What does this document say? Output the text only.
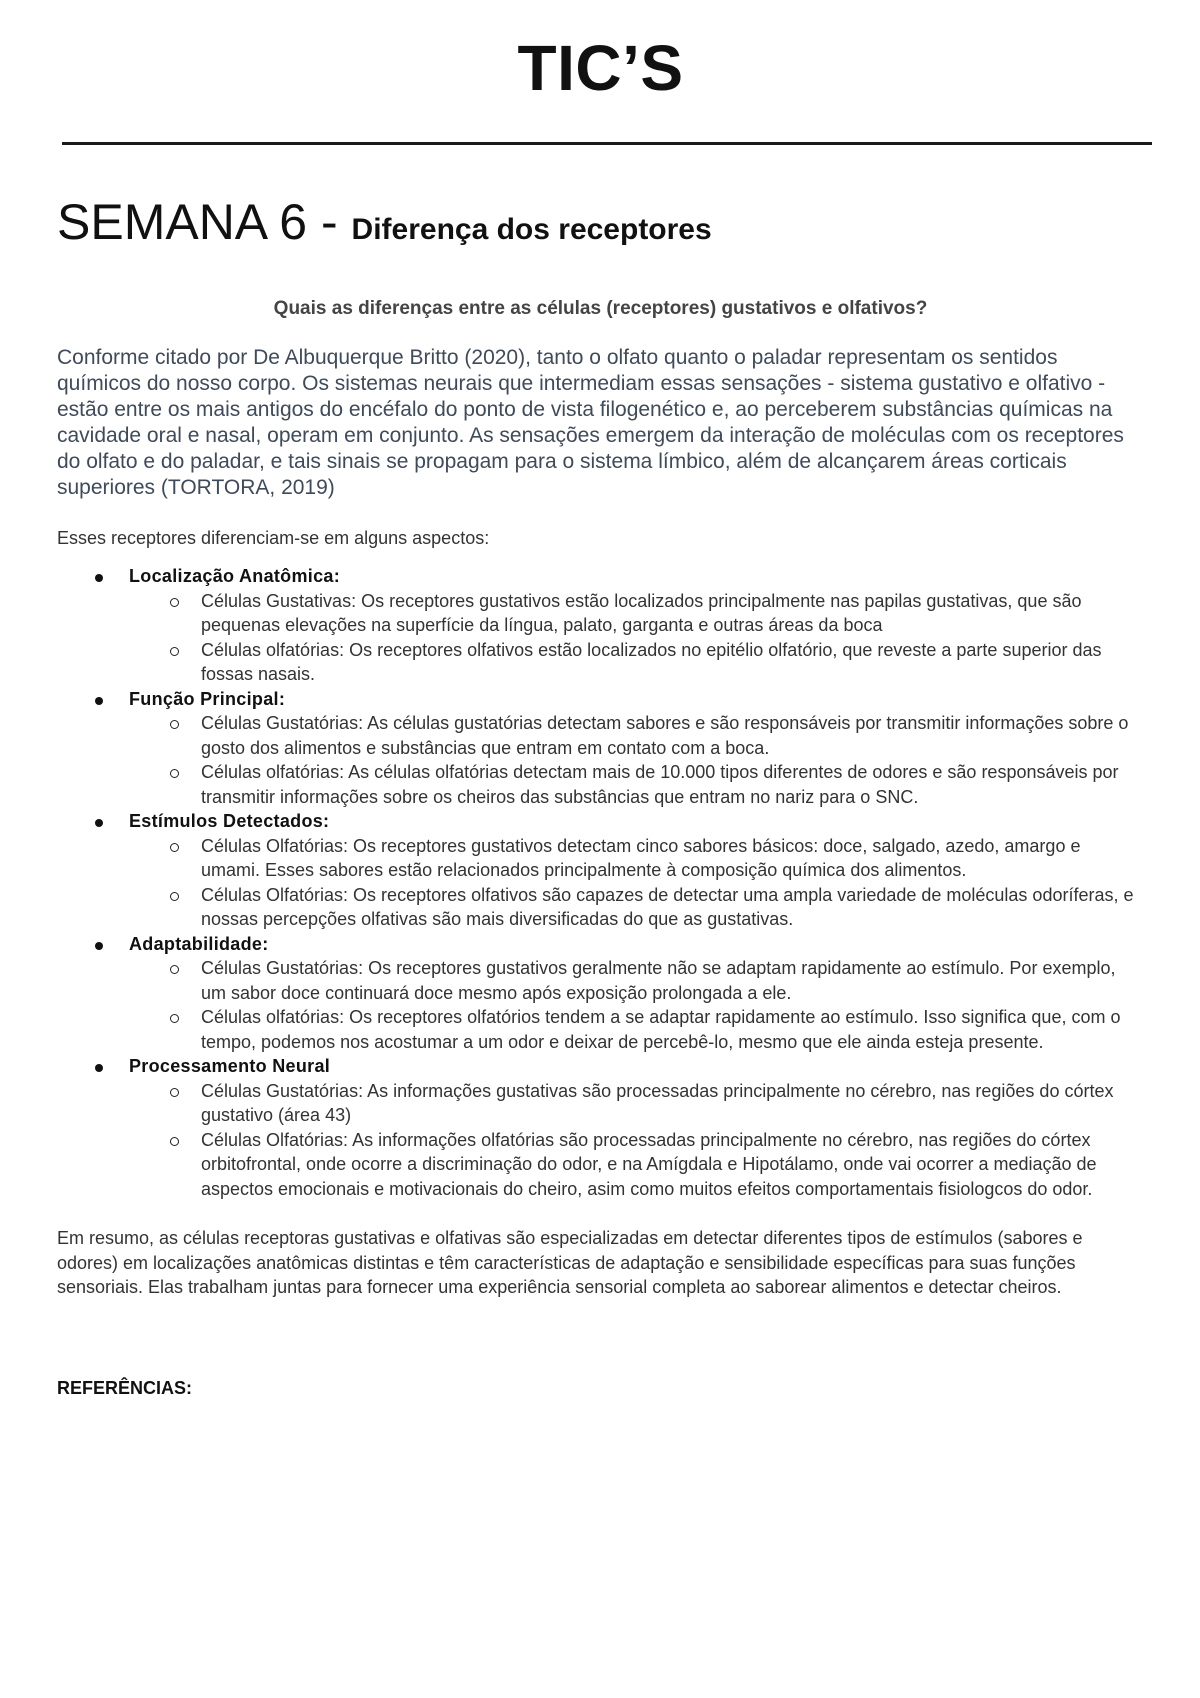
TIC’S
SEMANA 6 - Diferença dos receptores

Quais as diferenças entre as células (receptores) gustativos e olfativos?

Conforme citado por De Albuquerque Britto (2020), tanto o olfato quanto o paladar representam os sentidos químicos do nosso corpo. Os sistemas neurais que intermediam essas sensações - sistema gustativo e olfativo - estão entre os mais antigos do encéfalo do ponto de vista filogenético e, ao perceberem substâncias químicas na cavidade oral e nasal, operam em conjunto. As sensações emergem da interação de moléculas com os receptores do olfato e do paladar, e tais sinais se propagam para o sistema límbico, além de alcançarem áreas corticais superiores (TORTORA, 2019)

Esses receptores diferenciam-se em alguns aspectos:

Localização Anatômica:
Células Gustativas: Os receptores gustativos estão localizados principalmente nas papilas gustativas, que são pequenas elevações na superfície da língua, palato, garganta e outras áreas da boca
Células olfatórias: Os receptores olfativos estão localizados no epitélio olfatório, que reveste a parte superior das fossas nasais.
Função Principal:
Células Gustatórias: As células gustatórias detectam sabores e são responsáveis por transmitir informações sobre o gosto dos alimentos e substâncias que entram em contato com a boca.
Células olfatórias: As células olfatórias detectam mais de 10.000 tipos diferentes de odores e são responsáveis por transmitir informações sobre os cheiros das substâncias que entram no nariz para o SNC.
Estímulos Detectados:
Células Olfatórias: Os receptores gustativos detectam cinco sabores básicos: doce, salgado, azedo, amargo e umami. Esses sabores estão relacionados principalmente à composição química dos alimentos.
Células Olfatórias: Os receptores olfativos são capazes de detectar uma ampla variedade de moléculas odoríferas, e nossas percepções olfativas são mais diversificadas do que as gustativas.
Adaptabilidade:
Células Gustatórias: Os receptores gustativos geralmente não se adaptam rapidamente ao estímulo. Por exemplo, um sabor doce continuará doce mesmo após exposição prolongada a ele.
Células olfatórias: Os receptores olfatórios tendem a se adaptar rapidamente ao estímulo. Isso significa que, com o tempo, podemos nos acostumar a um odor e deixar de percebê-lo, mesmo que ele ainda esteja presente.
Processamento Neural
Células Gustatórias: As informações gustativas são processadas principalmente no cérebro, nas regiões do córtex gustativo (área 43)
Células Olfatórias: As informações olfatórias são processadas principalmente no cérebro, nas regiões do córtex orbitofrontal, onde ocorre a discriminação do odor, e na Amígdala e Hipotálamo, onde vai ocorrer a mediação de aspectos emocionais e motivacionais do cheiro, asim como muitos efeitos comportamentais fisiologcos do odor.

Em resumo, as células receptoras gustativas e olfativas são especializadas em detectar diferentes tipos de estímulos (sabores e odores) em localizações anatômicas distintas e têm características de adaptação e sensibilidade específicas para suas funções sensoriais. Elas trabalham juntas para fornecer uma experiência sensorial completa ao saborear alimentos e detectar cheiros.

REFERÊNCIAS:
